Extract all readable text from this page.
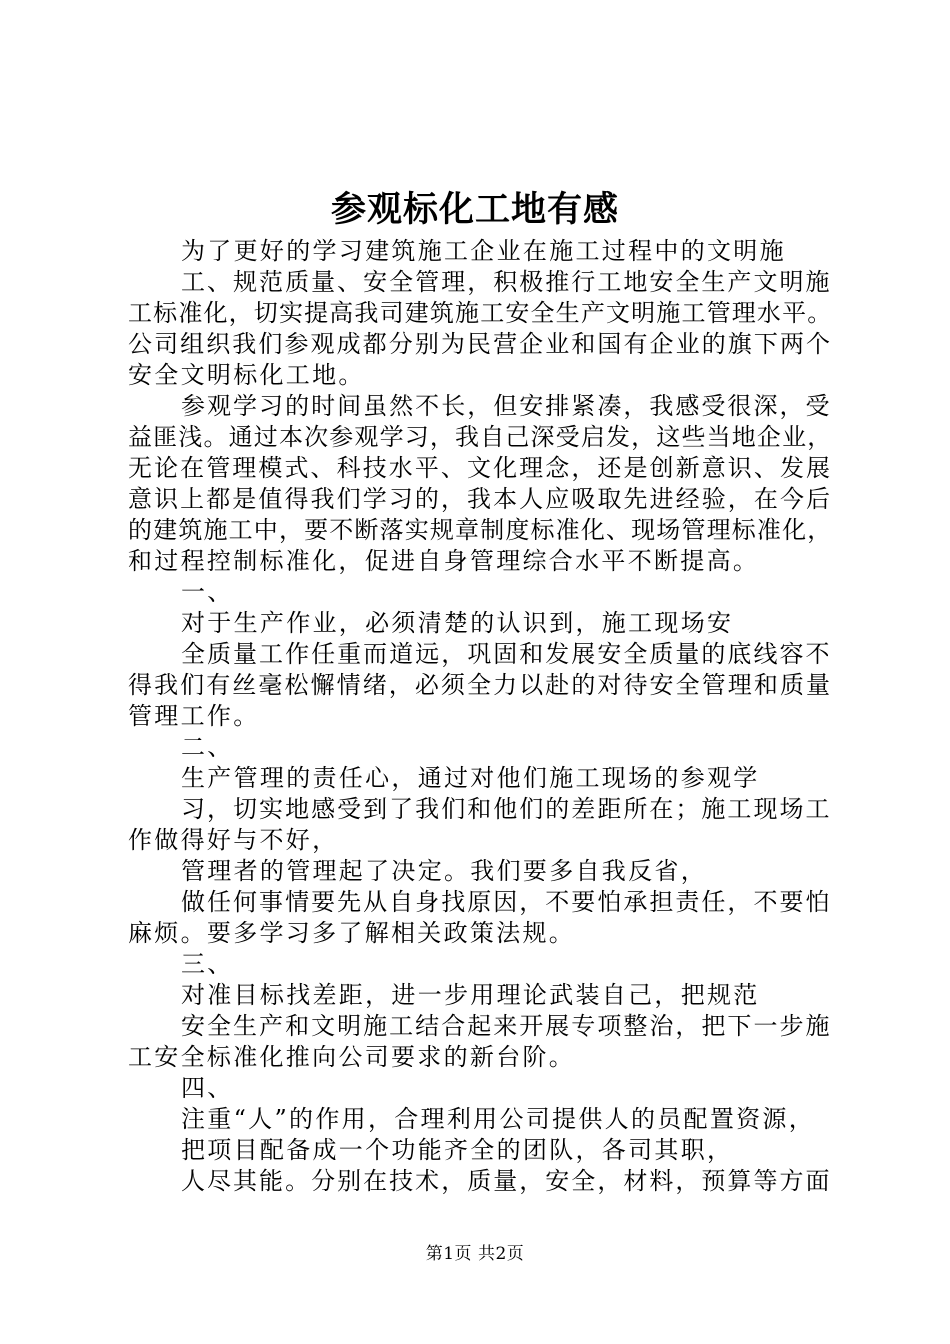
参观标化工地有感
为了更好的学习建筑施工企业在施工过程中的文明施
工、规范质量、安全管理，积极推行工地安全生产文明施
工标准化，切实提高我司建筑施工安全生产文明施工管理水平。
公司组织我们参观成都分别为民营企业和国有企业的旗下两个
安全文明标化工地。
参观学习的时间虽然不长，但安排紧凑，我感受很深，受
益匪浅。通过本次参观学习，我自己深受启发，这些当地企业，
无论在管理模式、科技水平、文化理念，还是创新意识、发展
意识上都是值得我们学习的，我本人应吸取先进经验，在今后
的建筑施工中，要不断落实规章制度标准化、现场管理标准化，
和过程控制标准化，促进自身管理综合水平不断提高。
一、
对于生产作业，必须清楚的认识到，施工现场安
全质量工作任重而道远，巩固和发展安全质量的底线容不
得我们有丝毫松懈情绪，必须全力以赴的对待安全管理和质量
管理工作。
二、
生产管理的责任心，通过对他们施工现场的参观学
习，切实地感受到了我们和他们的差距所在；施工现场工
作做得好与不好，
管理者的管理起了决定。我们要多自我反省，
做任何事情要先从自身找原因，不要怕承担责任，不要怕
麻烦。要多学习多了解相关政策法规。
三、
对准目标找差距，进一步用理论武装自己，把规范
安全生产和文明施工结合起来开展专项整治，把下一步施
工安全标准化推向公司要求的新台阶。
四、
注重“人”的作用，合理利用公司提供人的员配置资源，
把项目配备成一个功能齐全的团队，各司其职，
人尽其能。分别在技术，质量，安全，材料，预算等方面
第1页 共2页
